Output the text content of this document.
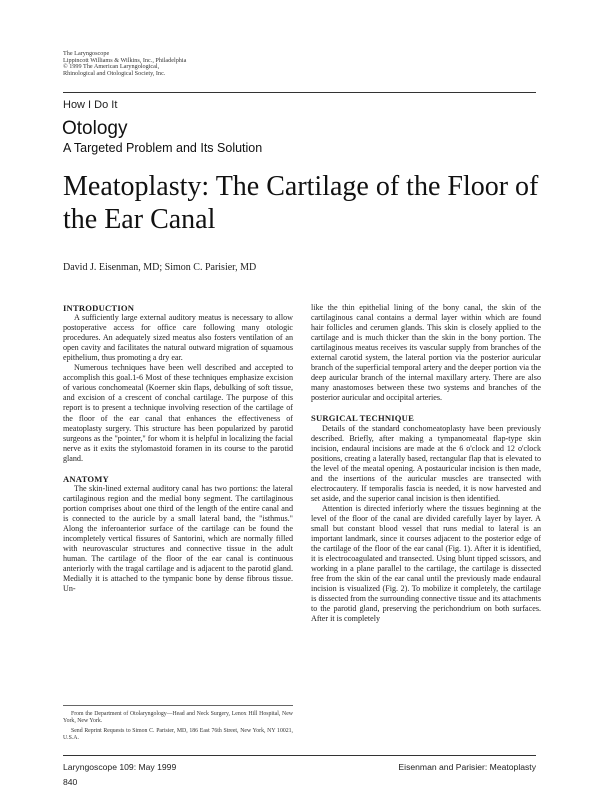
The Laryngoscope
Lippincott Williams & Wilkins, Inc., Philadelphia
© 1999 The American Laryngological,
Rhinological and Otological Society, Inc.
How I Do It
Otology
A Targeted Problem and Its Solution
Meatoplasty: The Cartilage of the Floor of the Ear Canal
David J. Eisenman, MD; Simon C. Parisier, MD
INTRODUCTION

A sufficiently large external auditory meatus is necessary to allow postoperative access for office care following many otologic procedures. An adequately sized meatus also fosters ventilation of an open cavity and facilitates the natural outward migration of squamous epithelium, thus promoting a dry ear.

Numerous techniques have been well described and accepted to accomplish this goal.1-6 Most of these techniques emphasize excision of various conchomeatal (Koerner skin flaps, debulking of soft tissue, and excision of a crescent of conchal cartilage. The purpose of this report is to present a technique involving resection of the cartilage of the floor of the ear canal that enhances the effectiveness of meatoplasty surgery. This structure has been popularized by parotid surgeons as the "pointer," for whom it is helpful in localizing the facial nerve as it exits the stylomastoid foramen in its course to the parotid gland.

ANATOMY

The skin-lined external auditory canal has two portions: the lateral cartilaginous region and the medial bony segment. The cartilaginous portion comprises about one third of the length of the entire canal and is connected to the auricle by a small lateral band, the "isthmus." Along the inferoanterior surface of the cartilage can be found the incompletely vertical fissures of Santorini, which are normally filled with neurovascular structures and connective tissue in the adult human. The cartilage of the floor of the ear canal is continuous anteriorly with the tragal cartilage and is adjacent to the parotid gland. Medially it is attached to the tympanic bone by dense fibrous tissue. Un-

From the Department of Otolaryngology—Head and Neck Surgery, Lenox Hill Hospital, New York, New York.

Send Reprint Requests to Simon C. Parisier, MD, 186 East 76th Street, New York, NY 10021, U.S.A.

like the thin epithelial lining of the bony canal, the skin of the cartilaginous canal contains a dermal layer within which are found hair follicles and cerumen glands. This skin is closely applied to the cartilage and is much thicker than the skin in the bony portion. The cartilaginous meatus receives its vascular supply from branches of the external carotid system, the lateral portion via the posterior auricular branch of the superficial temporal artery and the deeper portion via the deep auricular branch of the internal maxillary artery. There are also many anastomoses between these two systems and branches of the posterior auricular and occipital arteries.

SURGICAL TECHNIQUE

Details of the standard conchomeatoplasty have been previously described. Briefly, after making a tympanomeatal flap-type skin incision, endaural incisions are made at the 6 o'clock and 12 o'clock positions, creating a laterally based, rectangular flap that is elevated to the level of the meatal opening. A postauricular incision is then made, and the insertions of the auricular muscles are transected with electrocautery. If temporalis fascia is needed, it is now harvested and set aside, and the superior canal incision is then identified.

Attention is directed inferiorly where the tissues beginning at the level of the floor of the canal are divided carefully layer by layer. A small but constant blood vessel that runs medial to lateral is an important landmark, since it courses adjacent to the posterior edge of the cartilage of the floor of the ear canal (Fig. 1). After it is identified, it is electrocoagulated and transected. Using blunt tipped scissors, and working in a plane parallel to the cartilage, the cartilage is dissected free from the skin of the ear canal until the previously made endaural incision is visualized (Fig. 2). To mobilize it completely, the cartilage is dissected from the surrounding connective tissue and its attachments to the parotid gland, preserving the perichondrium on both surfaces. After it is completely

Laryngoscope 109: May 1999	Eisenman and Parisier: Meatoplasty
840
